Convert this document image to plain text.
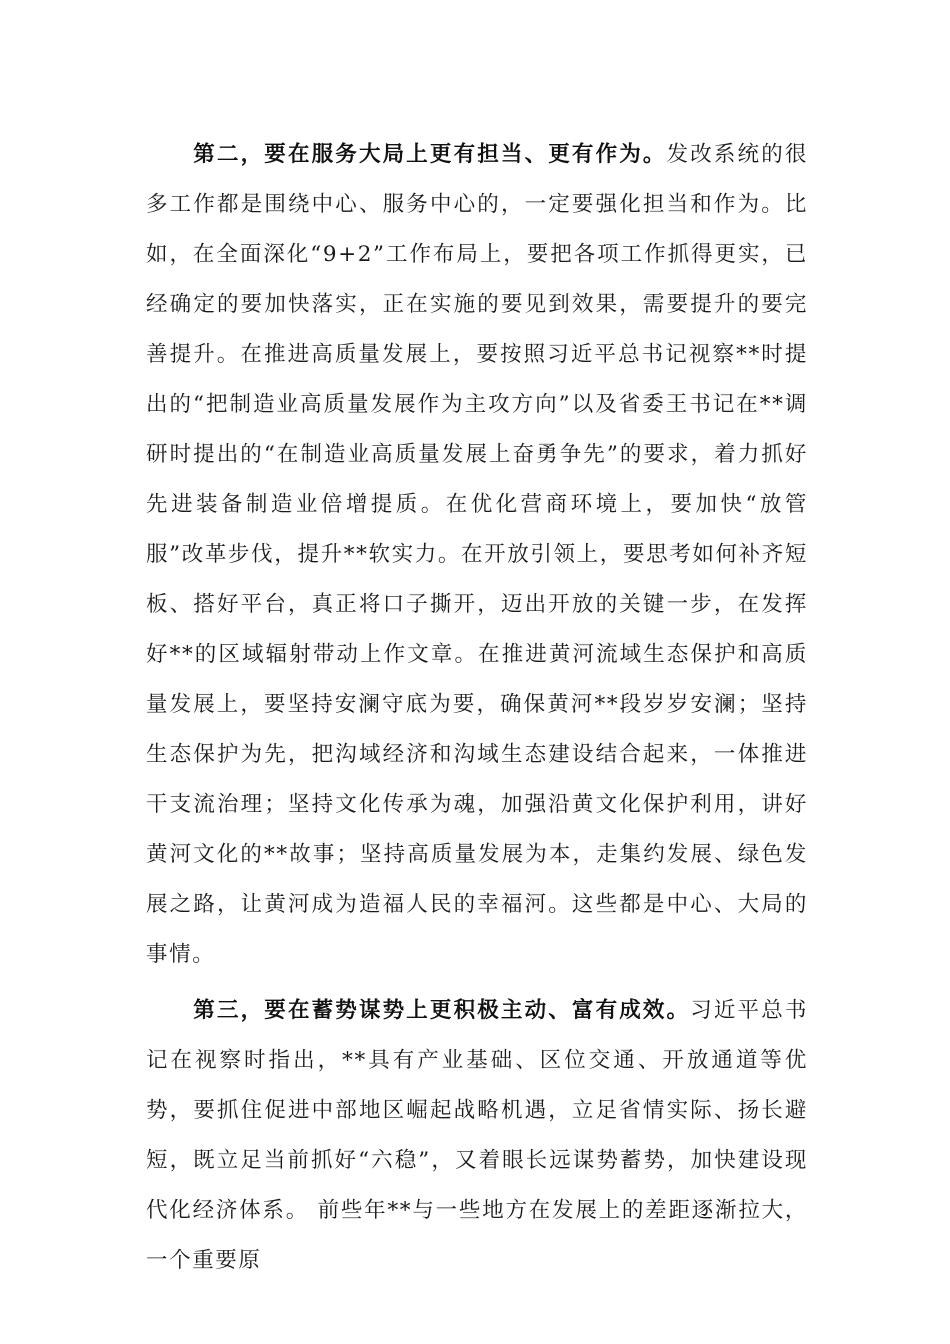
第二，要在服务大局上更有担当、更有作为。发改系统的很多工作都是围绕中心、服务中心的，一定要强化担当和作为。比如，在全面深化“9+2”工作布局上，要把各项工作抓得更实，已经确定的要加快落实，正在实施的要见到效果，需要提升的要完善提升。在推进高质量发展上，要按照习近平总书记视察**时提出的“把制造业高质量发展作为主攻方向”以及省委王书记在**调研时提出的“在制造业高质量发展上奋勇争先”的要求，着力抓好先进装备制造业倍增提质。在优化营商环境上，要加快“放管服”改革步伐，提升**软实力。在开放引领上，要思考如何补齐短板、搭好平台，真正将口子撕开，迈出开放的关键一步，在发挥好**的区域辐射带动上作文章。在推进黄河流域生态保护和高质量发展上，要坚持安澜守底为要，确保黄河**段岁岁安澜；坚持生态保护为先，把沟域经济和沟域生态建设结合起来，一体推进干支流治理；坚持文化传承为魂，加强沿黄文化保护利用，讲好黄河文化的**故事；坚持高质量发展为本，走集约发展、绿色发展之路，让黄河成为造福人民的幸福河。这些都是中心、大局的事情。

第三，要在蓄势谋势上更积极主动、富有成效。习近平总书记在视察时指出，**具有产业基础、区位交通、开放通道等优势，要抓住促进中部地区崛起战略机遇，立足省情实际、扬长避短，既立足当前抓好“六稳”，又着眼长远谋势蓄势，加快建设现代化经济体系。 前些年**与一些地方在发展上的差距逐渐拉大，一个重要原
